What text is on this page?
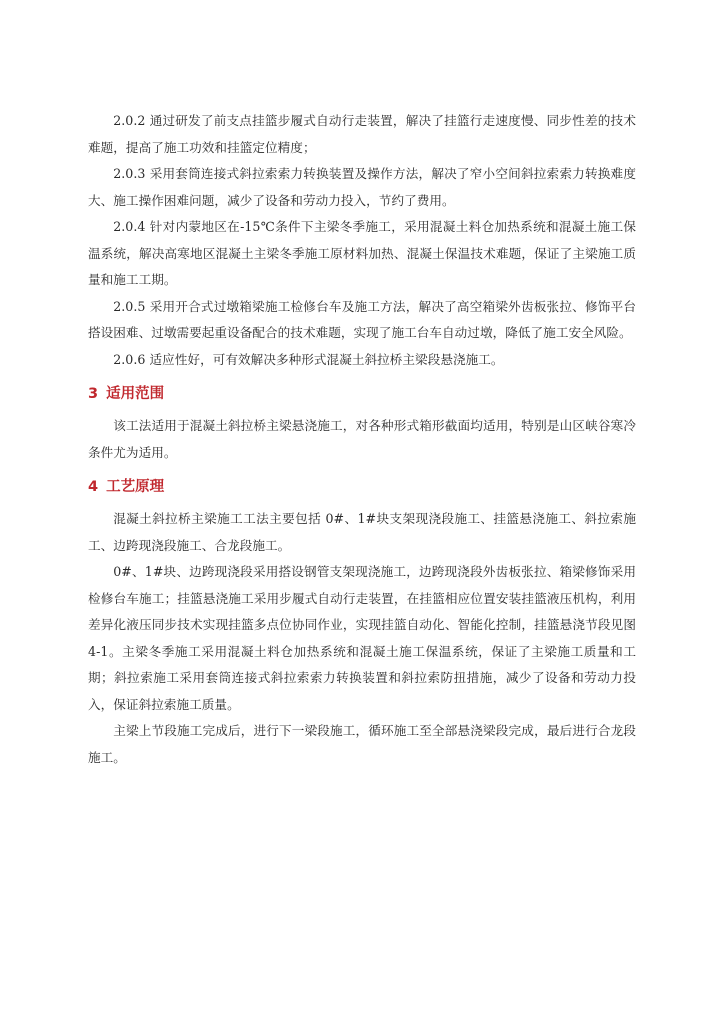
2.0.2 通过研发了前支点挂篮步履式自动行走装置，解决了挂篮行走速度慢、同步性差的技术难题，提高了施工功效和挂篮定位精度；

2.0.3 采用套筒连接式斜拉索索力转换装置及操作方法，解决了窄小空间斜拉索索力转换难度大、施工操作困难问题，减少了设备和劳动力投入，节约了费用。

2.0.4 针对内蒙地区在-15℃条件下主梁冬季施工，采用混凝土料仓加热系统和混凝土施工保温系统，解决高寒地区混凝土主梁冬季施工原材料加热、混凝土保温技术难题，保证了主梁施工质量和施工工期。

2.0.5 采用开合式过墩箱梁施工检修台车及施工方法，解决了高空箱梁外齿板张拉、修饰平台搭设困难、过墩需要起重设备配合的技术难题，实现了施工台车自动过墩，降低了施工安全风险。

2.0.6 适应性好，可有效解决多种形式混凝土斜拉桥主梁段悬浇施工。

3 适用范围

该工法适用于混凝土斜拉桥主梁悬浇施工，对各种形式箱形截面均适用，特别是山区峡谷寒冷条件尤为适用。

4 工艺原理

混凝土斜拉桥主梁施工工法主要包括 0#、1#块支架现浇段施工、挂篮悬浇施工、斜拉索施工、边跨现浇段施工、合龙段施工。

0#、1#块、边跨现浇段采用搭设钢管支架现浇施工，边跨现浇段外齿板张拉、箱梁修饰采用检修台车施工；挂篮悬浇施工采用步履式自动行走装置，在挂篮相应位置安装挂篮液压机构，利用差异化液压同步技术实现挂篮多点位协同作业，实现挂篮自动化、智能化控制，挂篮悬浇节段见图 4-1。主梁冬季施工采用混凝土料仓加热系统和混凝土施工保温系统，保证了主梁施工质量和工期；斜拉索施工采用套筒连接式斜拉索索力转换装置和斜拉索防扭措施，减少了设备和劳动力投入，保证斜拉索施工质量。

主梁上节段施工完成后，进行下一梁段施工，循环施工至全部悬浇梁段完成，最后进行合龙段施工。
